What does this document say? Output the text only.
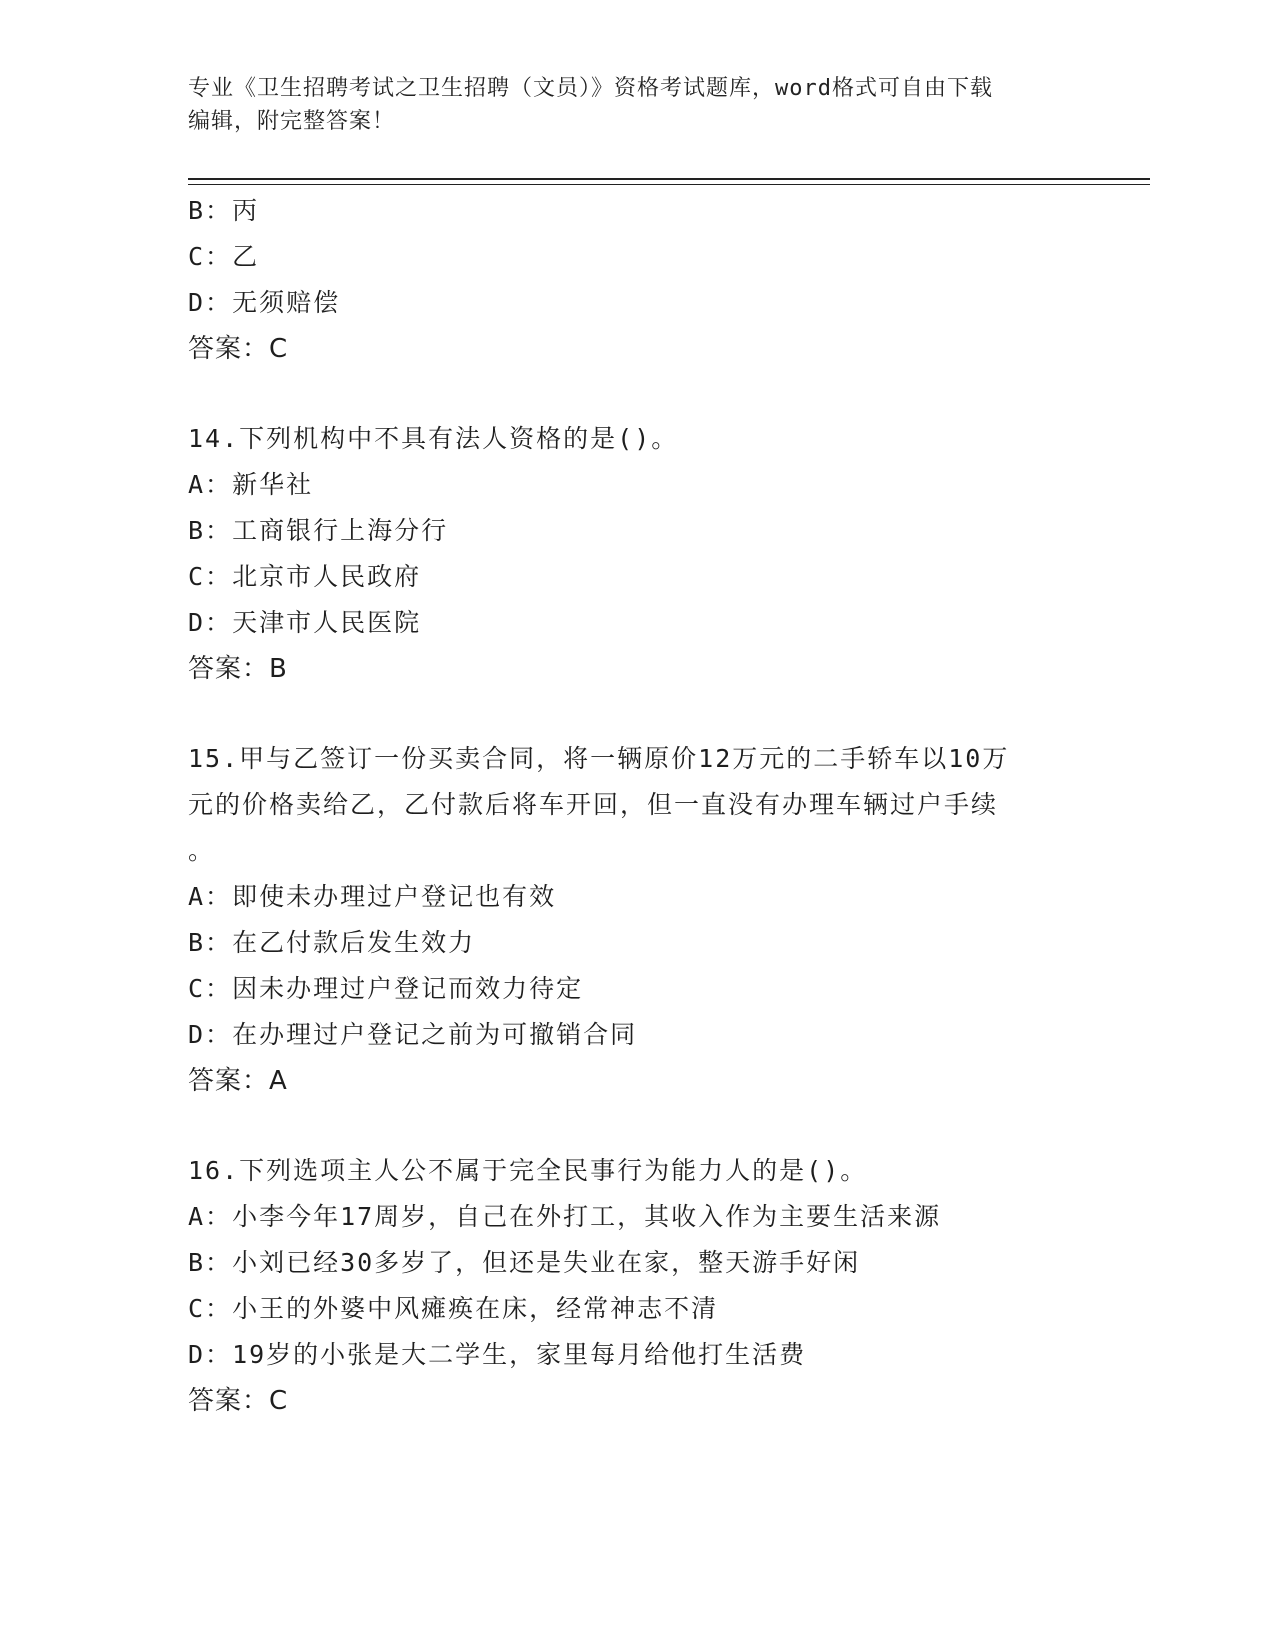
专业《卫生招聘考试之卫生招聘（文员）》资格考试题库，word格式可自由下载
编辑，附完整答案！
B：丙
C：乙
D：无须赔偿
答案：C
14.下列机构中不具有法人资格的是()。
A：新华社
B：工商银行上海分行
C：北京市人民政府
D：天津市人民医院
答案：B
15.甲与乙签订一份买卖合同，将一辆原价12万元的二手轿车以10万
元的价格卖给乙，乙付款后将车开回，但一直没有办理车辆过户手续
。
A：即使未办理过户登记也有效
B：在乙付款后发生效力
C：因未办理过户登记而效力待定
D：在办理过户登记之前为可撤销合同
答案：A
16.下列选项主人公不属于完全民事行为能力人的是()。
A：小李今年17周岁，自己在外打工，其收入作为主要生活来源
B：小刘已经30多岁了，但还是失业在家，整天游手好闲
C：小王的外婆中风瘫痪在床，经常神志不清
D：19岁的小张是大二学生，家里每月给他打生活费
答案：C
